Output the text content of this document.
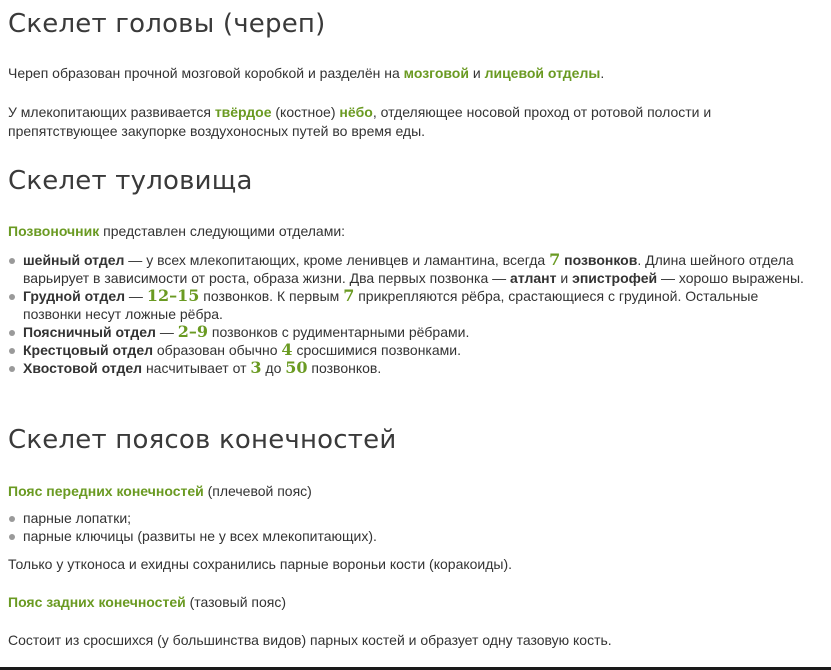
Скелет головы (череп)

Череп образован прочной мозговой коробкой и разделён на мозговой и лицевой отделы.

У млекопитающих развивается твёрдое (костное) нёбо, отделяющее носовой проход от ротовой полости и препятствующее закупорке воздухоносных путей во время еды.

Скелет туловища

Позвоночник представлен следующими отделами:

шейный отдел — у всех млекопитающих, кроме ленивцев и ламантина, всегда 7 позвонков. Длина шейного отдела варьирует в зависимости от роста, образа жизни. Два первых позвонка — атлант и эпистрофей — хорошо выражены.
Грудной отдел — 12–15 позвонков. К первым 7 прикрепляются рёбра, срастающиеся с грудиной. Остальные позвонки несут ложные рёбра.
Поясничный отдел — 2–9 позвонков с рудиментарными рёбрами.
Крестцовый отдел образован обычно 4 сросшимися позвонками.
Хвостовой отдел насчитывает от 3 до 50 позвонков.
Скелет поясов конечностей

Пояс передних конечностей (плечевой пояс)

парные лопатки;
парные ключицы (развиты не у всех млекопитающих).

Только у утконоса и ехидны сохранились парные вороньи кости (коракоиды).

Пояс задних конечностей (тазовый пояс)

Состоит из сросшихся (у большинства видов) парных костей и образует одну тазовую кость.
